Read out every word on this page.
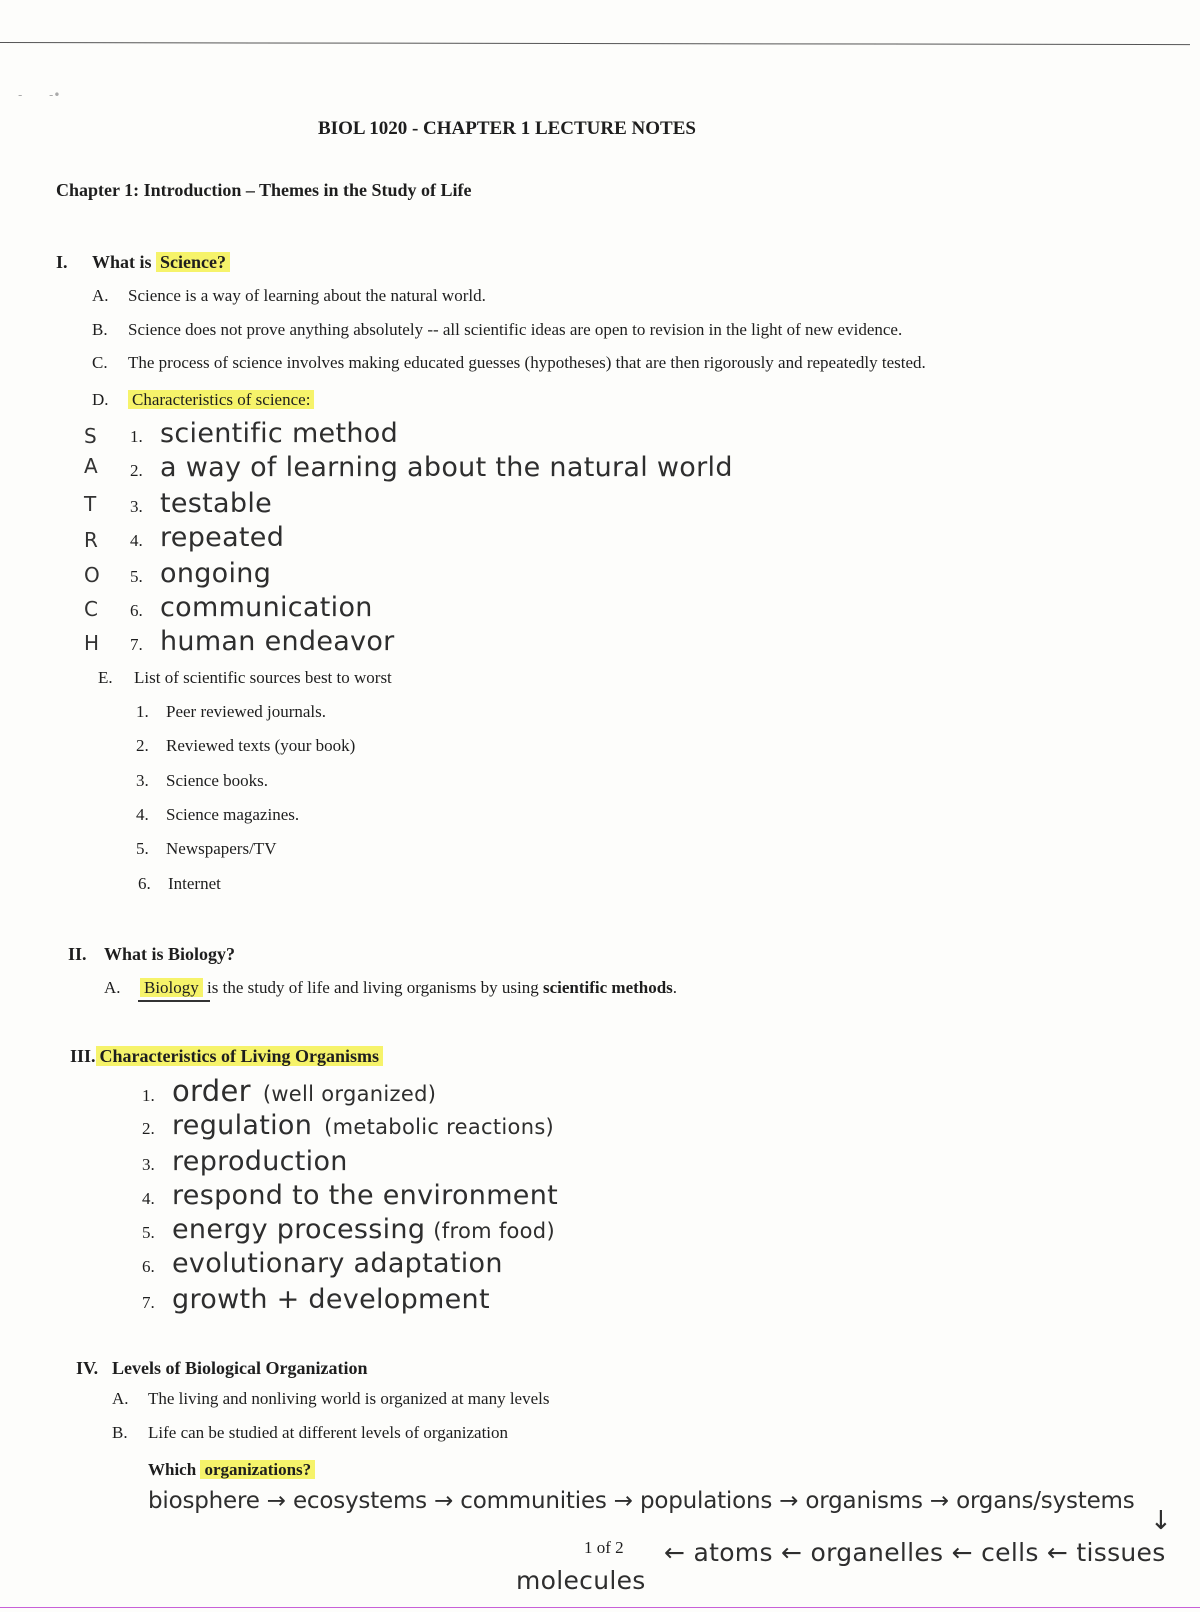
-       -•
BIOL 1020 - CHAPTER 1 LECTURE NOTES
Chapter 1: Introduction – Themes in the Study of Life
I. What is Science?
A. Science is a way of learning about the natural world.
B. Science does not prove anything absolutely -- all scientific ideas are open to revision in the light of new evidence.
C. The process of science involves making educated guesses (hypotheses) that are then rigorously and repeatedly tested.
D. Characteristics of science:
S 1. scientific method
A 2. a way of learning about the natural world
T 3. testable
R 4. repeated
O 5. ongoing
C 6. communication
H 7. human endeavor
E. List of scientific sources best to worst
1. Peer reviewed journals.
2. Reviewed texts (your book)
3. Science books.
4. Science magazines.
5. Newspapers/TV
6. Internet
II. What is Biology?
A. Biology is the study of life and living organisms by using scientific methods.
III. Characteristics of Living Organisms
1. order (well organized)
2. regulation (metabolic reactions)
3. reproduction
4. respond to the environment
5. energy processing (from food)
6. evolutionary adaptation
7. growth + development
IV. Levels of Biological Organization
A. The living and nonliving world is organized at many levels
B. Life can be studied at different levels of organization
Which organizations?
biosphere → ecosystems → communities → populations → organisms → organs/systems
↓
1 of 2 ← atoms ← organelles ← cells ← tissues
molecules
